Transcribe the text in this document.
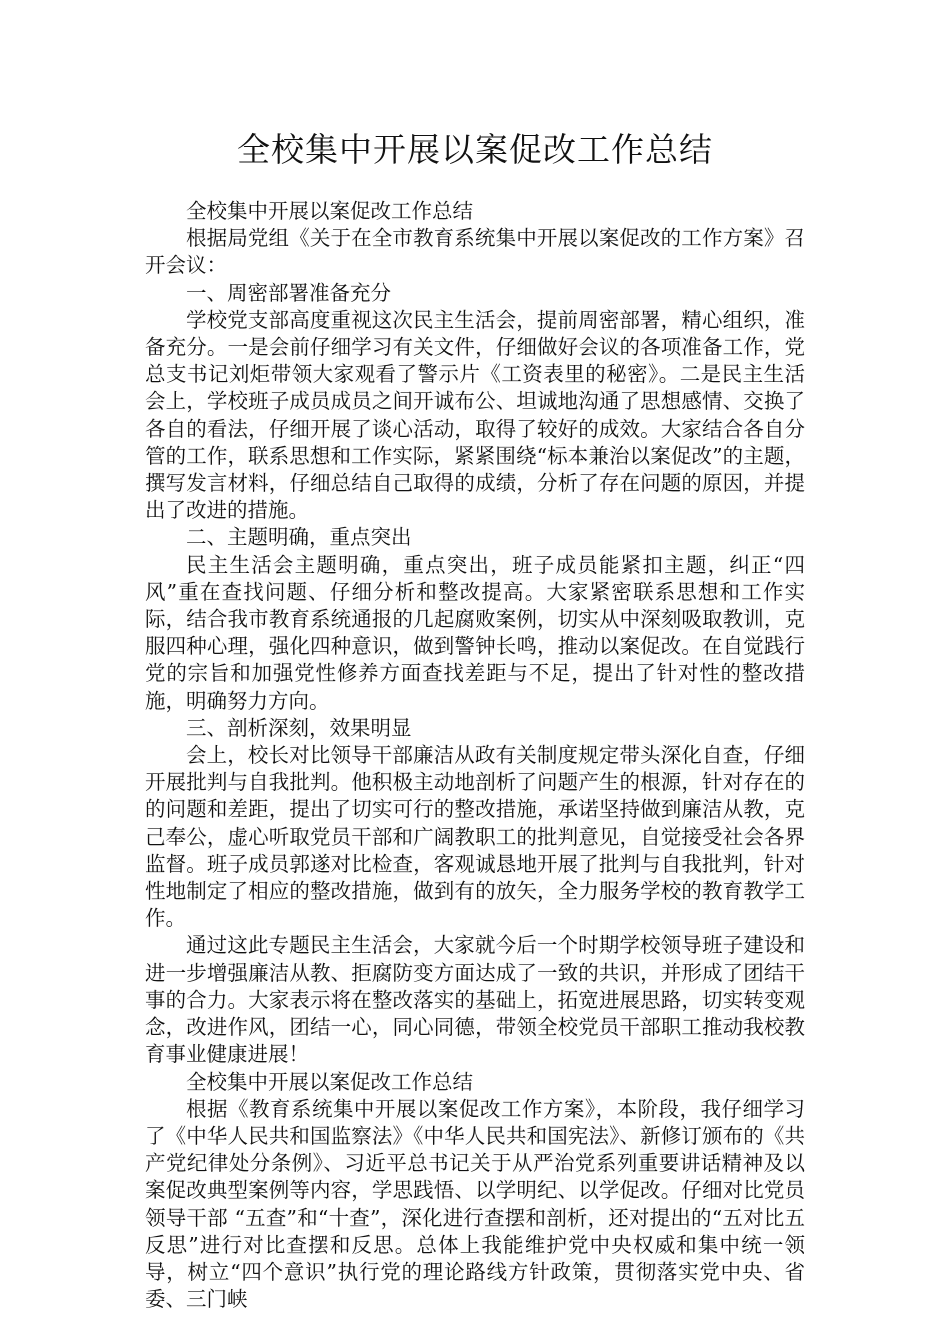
全校集中开展以案促改工作总结

全校集中开展以案促改工作总结

根据局党组《关于在全市教育系统集中开展以案促改的工作方案》召开会议：

一、周密部署准备充分

学校党支部高度重视这次民主生活会，提前周密部署，精心组织，准备充分。一是会前仔细学习有关文件，仔细做好会议的各项准备工作，党总支书记刘炬带领大家观看了警示片《工资表里的秘密》。二是民主生活会上，学校班子成员成员之间开诚布公、坦诚地沟通了思想感情、交换了各自的看法，仔细开展了谈心活动，取得了较好的成效。大家结合各自分管的工作，联系思想和工作实际，紧紧围绕“标本兼治以案促改”的主题，撰写发言材料，仔细总结自己取得的成绩，分析了存在问题的原因，并提出了改进的措施。

二、主题明确，重点突出

民主生活会主题明确，重点突出，班子成员能紧扣主题，纠正“四风”重在查找问题、仔细分析和整改提高。大家紧密联系思想和工作实际，结合我市教育系统通报的几起腐败案例，切实从中深刻吸取教训，克服四种心理，强化四种意识，做到警钟长鸣，推动以案促改。在自觉践行党的宗旨和加强党性修养方面查找差距与不足，提出了针对性的整改措施，明确努力方向。

三、剖析深刻，效果明显

会上，校长对比领导干部廉洁从政有关制度规定带头深化自查，仔细开展批判与自我批判。他积极主动地剖析了问题产生的根源，针对存在的的问题和差距，提出了切实可行的整改措施，承诺坚持做到廉洁从教，克己奉公，虚心听取党员干部和广阔教职工的批判意见，自觉接受社会各界监督。班子成员郭遂对比检查，客观诚恳地开展了批判与自我批判，针对性地制定了相应的整改措施，做到有的放矢，全力服务学校的教育教学工作。

通过这此专题民主生活会，大家就今后一个时期学校领导班子建设和进一步增强廉洁从教、拒腐防变方面达成了一致的共识，并形成了团结干事的合力。大家表示将在整改落实的基础上，拓宽进展思路，切实转变观念，改进作风，团结一心，同心同德，带领全校党员干部职工推动我校教育事业健康进展！

全校集中开展以案促改工作总结

根据《教育系统集中开展以案促改工作方案》，本阶段，我仔细学习了《中华人民共和国监察法》《中华人民共和国宪法》、新修订颁布的《共产党纪律处分条例》、习近平总书记关于从严治党系列重要讲话精神及以案促改典型案例等内容，学思践悟、以学明纪、以学促改。仔细对比党员领导干部 “五查”和“十查”，深化进行查摆和剖析，还对提出的“五对比五反思”进行对比查摆和反思。总体上我能维护党中央权威和集中统一领导，树立“四个意识”执行党的理论路线方针政策，贯彻落实党中央、省委、三门峡
